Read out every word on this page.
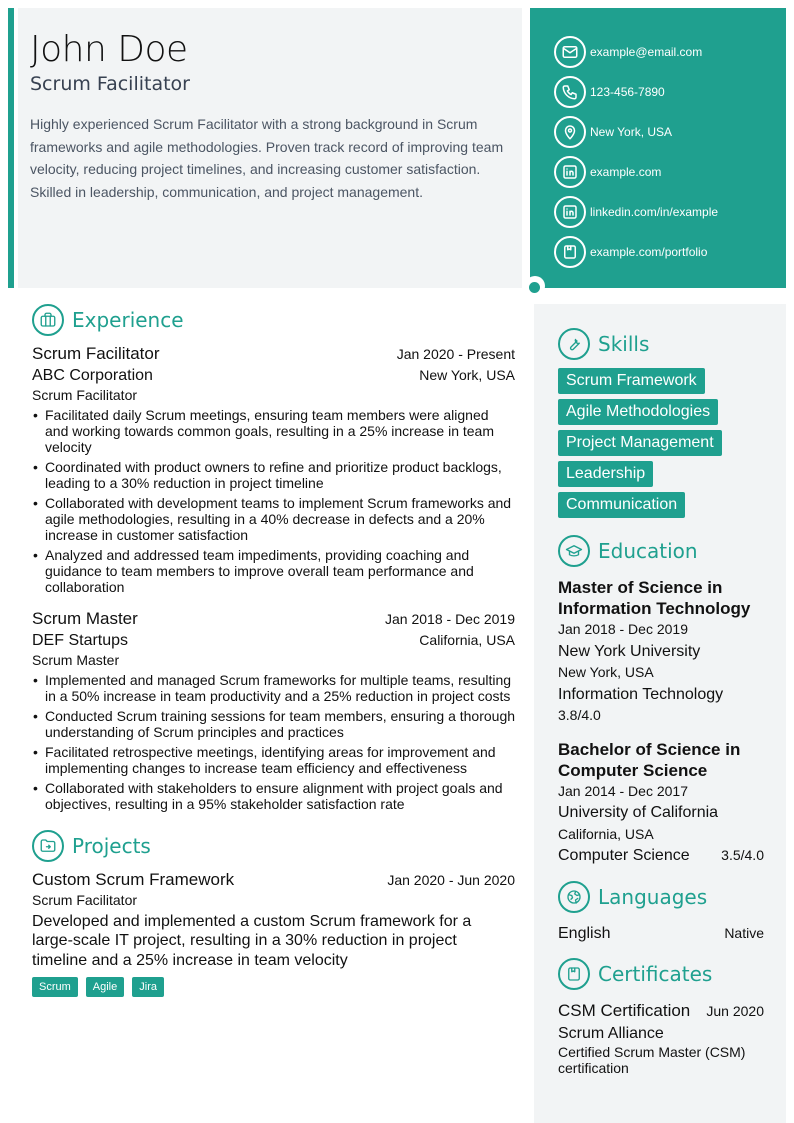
John Doe
Scrum Facilitator

Highly experienced Scrum Facilitator with a strong background in Scrum frameworks and agile methodologies. Proven track record of improving team velocity, reducing project timelines, and increasing customer satisfaction. Skilled in leadership, communication, and project management.

example@email.com
123-456-7890
New York, USA
example.com
linkedin.com/in/example
example.com/portfolio
Experience
Scrum Facilitator	Jan 2020 - Present
ABC Corporation	New York, USA
Scrum Facilitator
• Facilitated daily Scrum meetings, ensuring team members were aligned and working towards common goals, resulting in a 25% increase in team velocity
• Coordinated with product owners to refine and prioritize product backlogs, leading to a 30% reduction in project timeline
• Collaborated with development teams to implement Scrum frameworks and agile methodologies, resulting in a 40% decrease in defects and a 20% increase in customer satisfaction
• Analyzed and addressed team impediments, providing coaching and guidance to team members to improve overall team performance and collaboration
Scrum Master	Jan 2018 - Dec 2019
DEF Startups	California, USA
Scrum Master
• Implemented and managed Scrum frameworks for multiple teams, resulting in a 50% increase in team productivity and a 25% reduction in project costs
• Conducted Scrum training sessions for team members, ensuring a thorough understanding of Scrum principles and practices
• Facilitated retrospective meetings, identifying areas for improvement and implementing changes to increase team efficiency and effectiveness
• Collaborated with stakeholders to ensure alignment with project goals and objectives, resulting in a 95% stakeholder satisfaction rate
Projects
Custom Scrum Framework	Jan 2020 - Jun 2020
Scrum Facilitator

Developed and implemented a custom Scrum framework for a large-scale IT project, resulting in a 30% reduction in project timeline and a 25% increase in team velocity

Scrum	Agile	Jira
Skills
Scrum Framework
Agile Methodologies
Project Management
Leadership
Communication
Education
Master of Science in Information Technology
Jan 2018 - Dec 2019
New York University
New York, USA
Information Technology
3.8/4.0
Bachelor of Science in Computer Science
Jan 2014 - Dec 2017
University of California
California, USA
Computer Science 3.5/4.0
Languages
English	Native
Certificates
CSM Certification Jun 2020
Scrum Alliance
Certified Scrum Master (CSM) certification
